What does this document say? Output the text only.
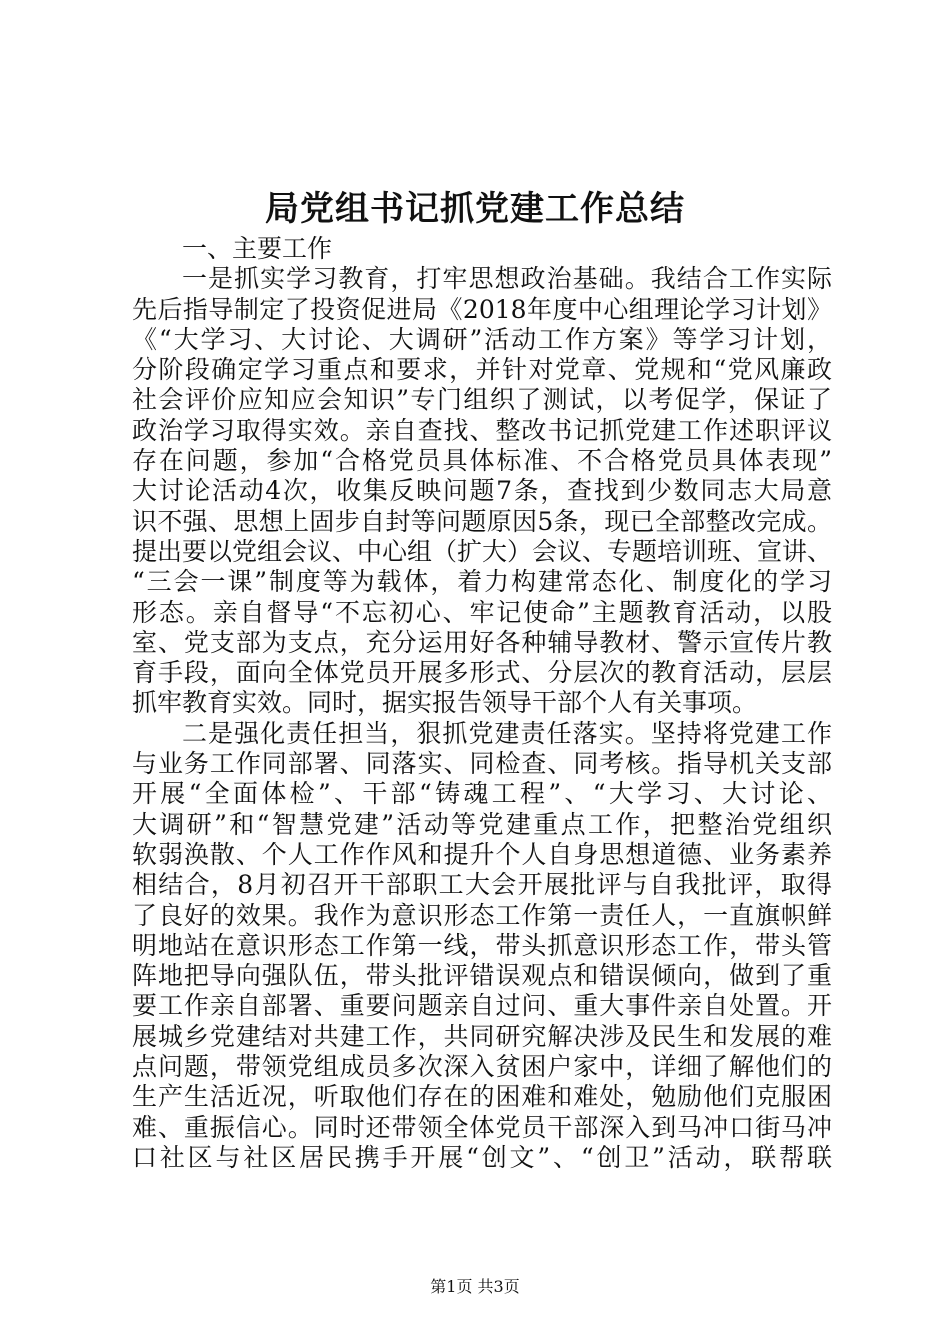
局党组书记抓党建工作总结
一、主要工作
一是抓实学习教育，打牢思想政治基础。我结合工作实际
先后指导制定了投资促进局《2018年度中心组理论学习计划》
《“大学习、大讨论、大调研”活动工作方案》等学习计划，
分阶段确定学习重点和要求，并针对党章、党规和“党风廉政
社会评价应知应会知识”专门组织了测试，以考促学，保证了
政治学习取得实效。亲自查找、整改书记抓党建工作述职评议
存在问题，参加“合格党员具体标准、不合格党员具体表现”
大讨论活动4次，收集反映问题7条，查找到少数同志大局意
识不强、思想上固步自封等问题原因5条，现已全部整改完成。
提出要以党组会议、中心组（扩大）会议、专题培训班、宣讲、
“三会一课”制度等为载体，着力构建常态化、制度化的学习
形态。亲自督导“不忘初心、牢记使命”主题教育活动，以股
室、党支部为支点，充分运用好各种辅导教材、警示宣传片教
育手段，面向全体党员开展多形式、分层次的教育活动，层层
抓牢教育实效。同时，据实报告领导干部个人有关事项。
二是强化责任担当，狠抓党建责任落实。坚持将党建工作
与业务工作同部署、同落实、同检查、同考核。指导机关支部
开展“全面体检”、干部“铸魂工程”、“大学习、大讨论、
大调研”和“智慧党建”活动等党建重点工作，把整治党组织
软弱涣散、个人工作作风和提升个人自身思想道德、业务素养
相结合，8月初召开干部职工大会开展批评与自我批评，取得
了良好的效果。我作为意识形态工作第一责任人，一直旗帜鲜
明地站在意识形态工作第一线，带头抓意识形态工作，带头管
阵地把导向强队伍，带头批评错误观点和错误倾向，做到了重
要工作亲自部署、重要问题亲自过问、重大事件亲自处置。开
展城乡党建结对共建工作，共同研究解决涉及民生和发展的难
点问题，带领党组成员多次深入贫困户家中，详细了解他们的
生产生活近况，听取他们存在的困难和难处，勉励他们克服困
难、重振信心。同时还带领全体党员干部深入到马冲口街马冲
口社区与社区居民携手开展“创文”、“创卫”活动，联帮联
第1页 共3页
